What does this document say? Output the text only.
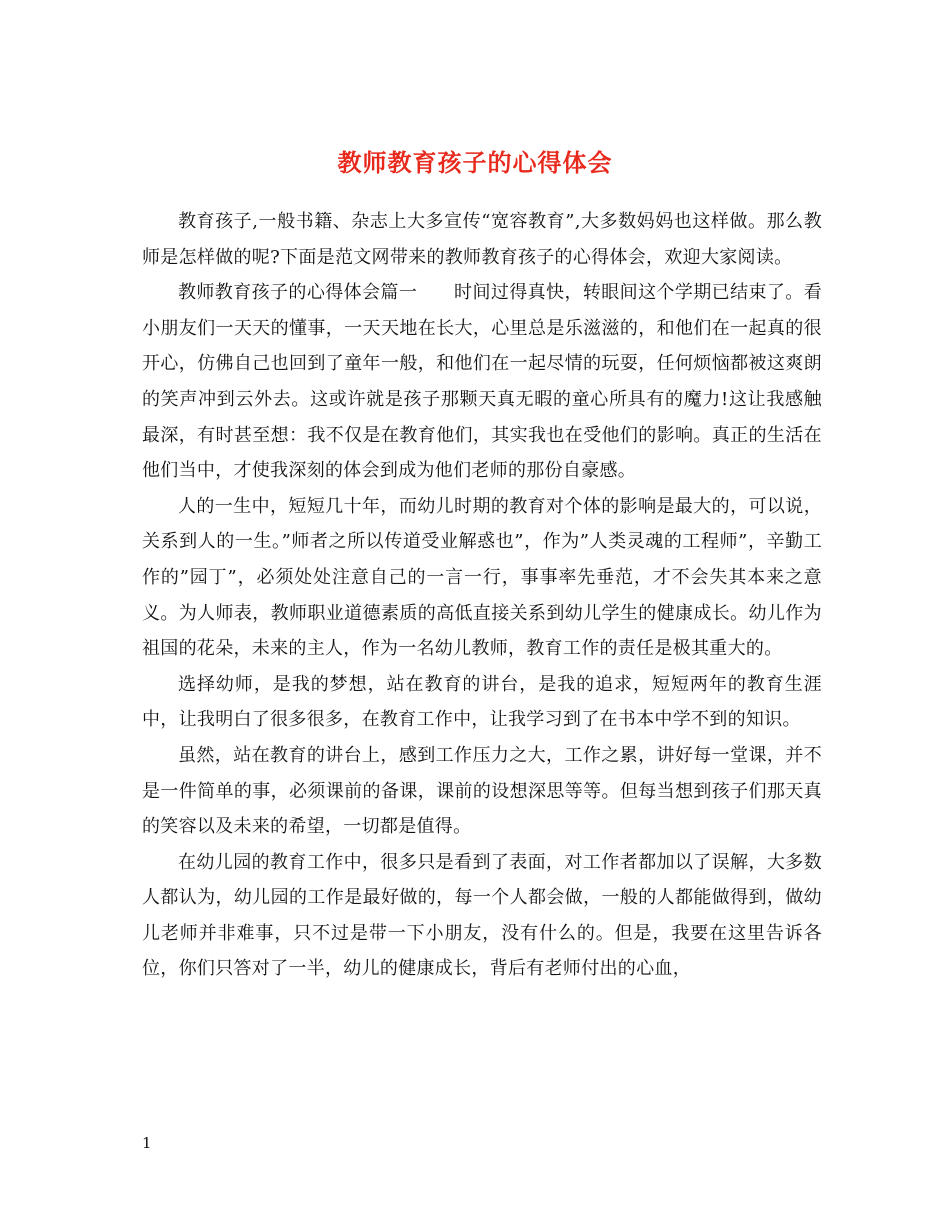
教师教育孩子的心得体会

教育孩子,一般书籍、杂志上大多宣传“宽容教育”,大多数妈妈也这样做。那么教师是怎样做的呢?下面是范文网带来的教师教育孩子的心得体会，欢迎大家阅读。

教师教育孩子的心得体会篇一　　时间过得真快，转眼间这个学期已结束了。看小朋友们一天天的懂事，一天天地在长大，心里总是乐滋滋的，和他们在一起真的很开心，仿佛自己也回到了童年一般，和他们在一起尽情的玩耍，任何烦恼都被这爽朗的笑声冲到云外去。这或许就是孩子那颗天真无暇的童心所具有的魔力!这让我感触最深，有时甚至想：我不仅是在教育他们，其实我也在受他们的影响。真正的生活在他们当中，才使我深刻的体会到成为他们老师的那份自豪感。

人的一生中，短短几十年，而幼儿时期的教育对个体的影响是最大的，可以说，关系到人的一生。”师者之所以传道受业解惑也”，作为”人类灵魂的工程师”，辛勤工作的”园丁”，必须处处注意自己的一言一行，事事率先垂范，才不会失其本来之意义。为人师表，教师职业道德素质的高低直接关系到幼儿学生的健康成长。幼儿作为祖国的花朵，未来的主人，作为一名幼儿教师，教育工作的责任是极其重大的。

选择幼师，是我的梦想，站在教育的讲台，是我的追求，短短两年的教育生涯中，让我明白了很多很多，在教育工作中，让我学习到了在书本中学不到的知识。

虽然，站在教育的讲台上，感到工作压力之大，工作之累，讲好每一堂课，并不是一件简单的事，必须课前的备课，课前的设想深思等等。但每当想到孩子们那天真的笑容以及未来的希望，一切都是值得。

在幼儿园的教育工作中，很多只是看到了表面，对工作者都加以了误解，大多数人都认为，幼儿园的工作是最好做的，每一个人都会做，一般的人都能做得到，做幼儿老师并非难事，只不过是带一下小朋友，没有什么的。但是，我要在这里告诉各位，你们只答对了一半，幼儿的健康成长，背后有老师付出的心血，

1
